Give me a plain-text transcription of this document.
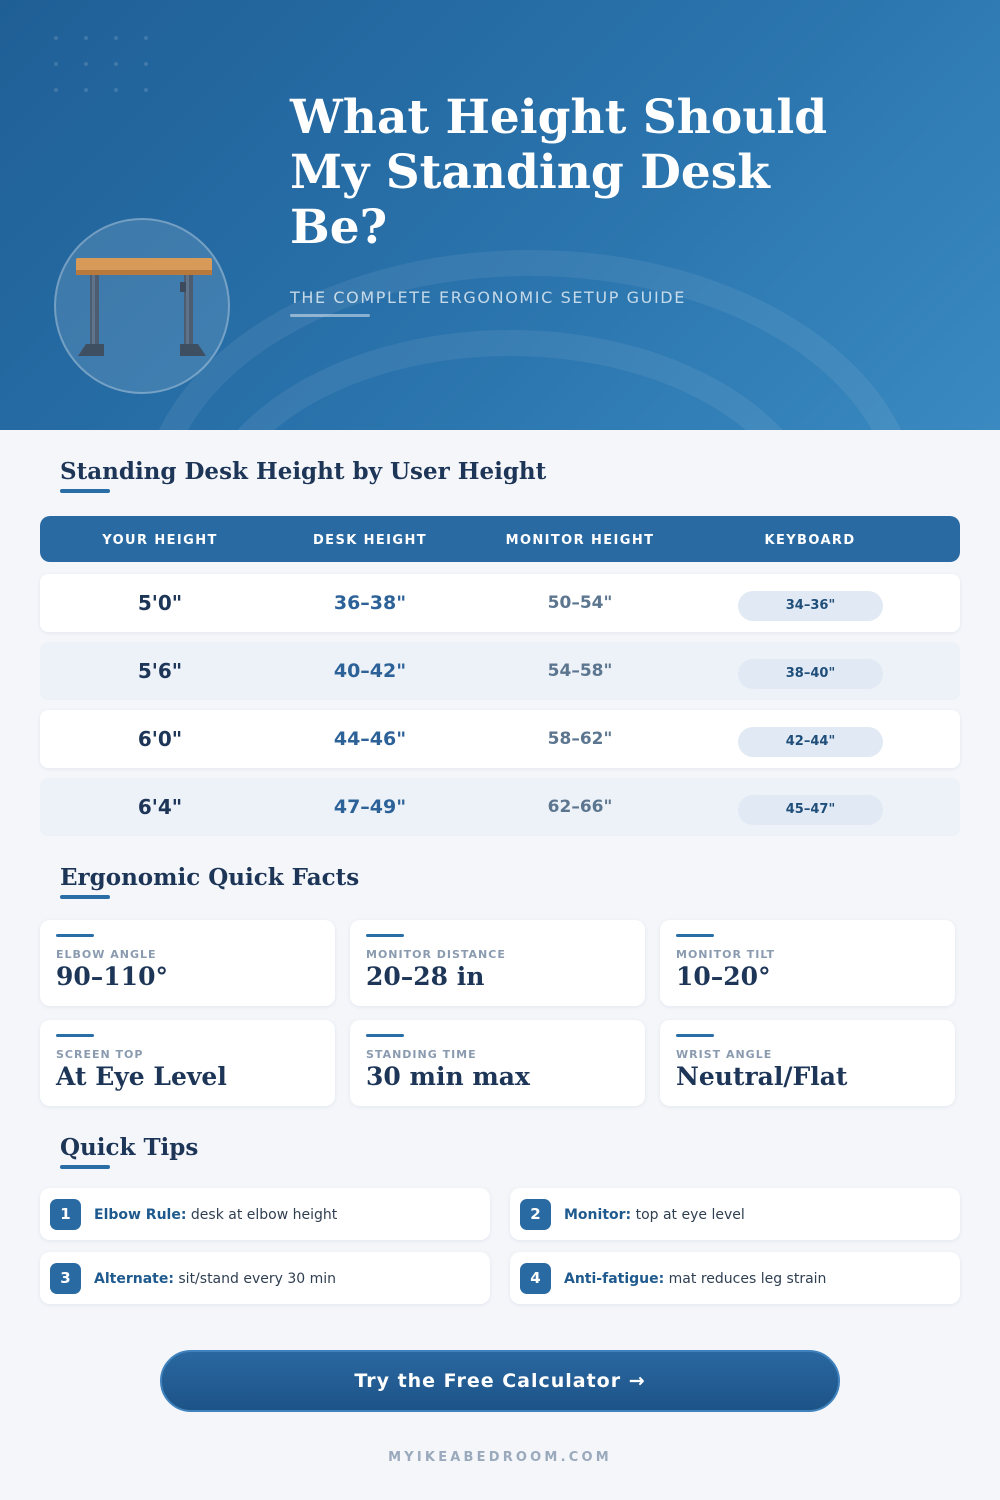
What Height Should My Standing Desk Be?
THE COMPLETE ERGONOMIC SETUP GUIDE
Standing Desk Height by User Height
YOUR HEIGHT	DESK HEIGHT	MONITOR HEIGHT	KEYBOARD
5'0"	36–38"	50–54"	34–36"
5'6"	40–42"	54–58"	38–40"
6'0"	44–46"	58–62"	42–44"
6'4"	47–49"	62–66"	45–47"
Ergonomic Quick Facts
ELBOW ANGLE
90–110°
MONITOR DISTANCE
20–28 in
MONITOR TILT
10–20°
SCREEN TOP
At Eye Level
STANDING TIME
30 min max
WRIST ANGLE
Neutral/Flat
Quick Tips
1	Elbow Rule: desk at elbow height	2	Monitor: top at eye level
3	Alternate: sit/stand every 30 min	4	Anti-fatigue: mat reduces leg strain
Try the Free Calculator →
MYIKEABEDROOM.COM
